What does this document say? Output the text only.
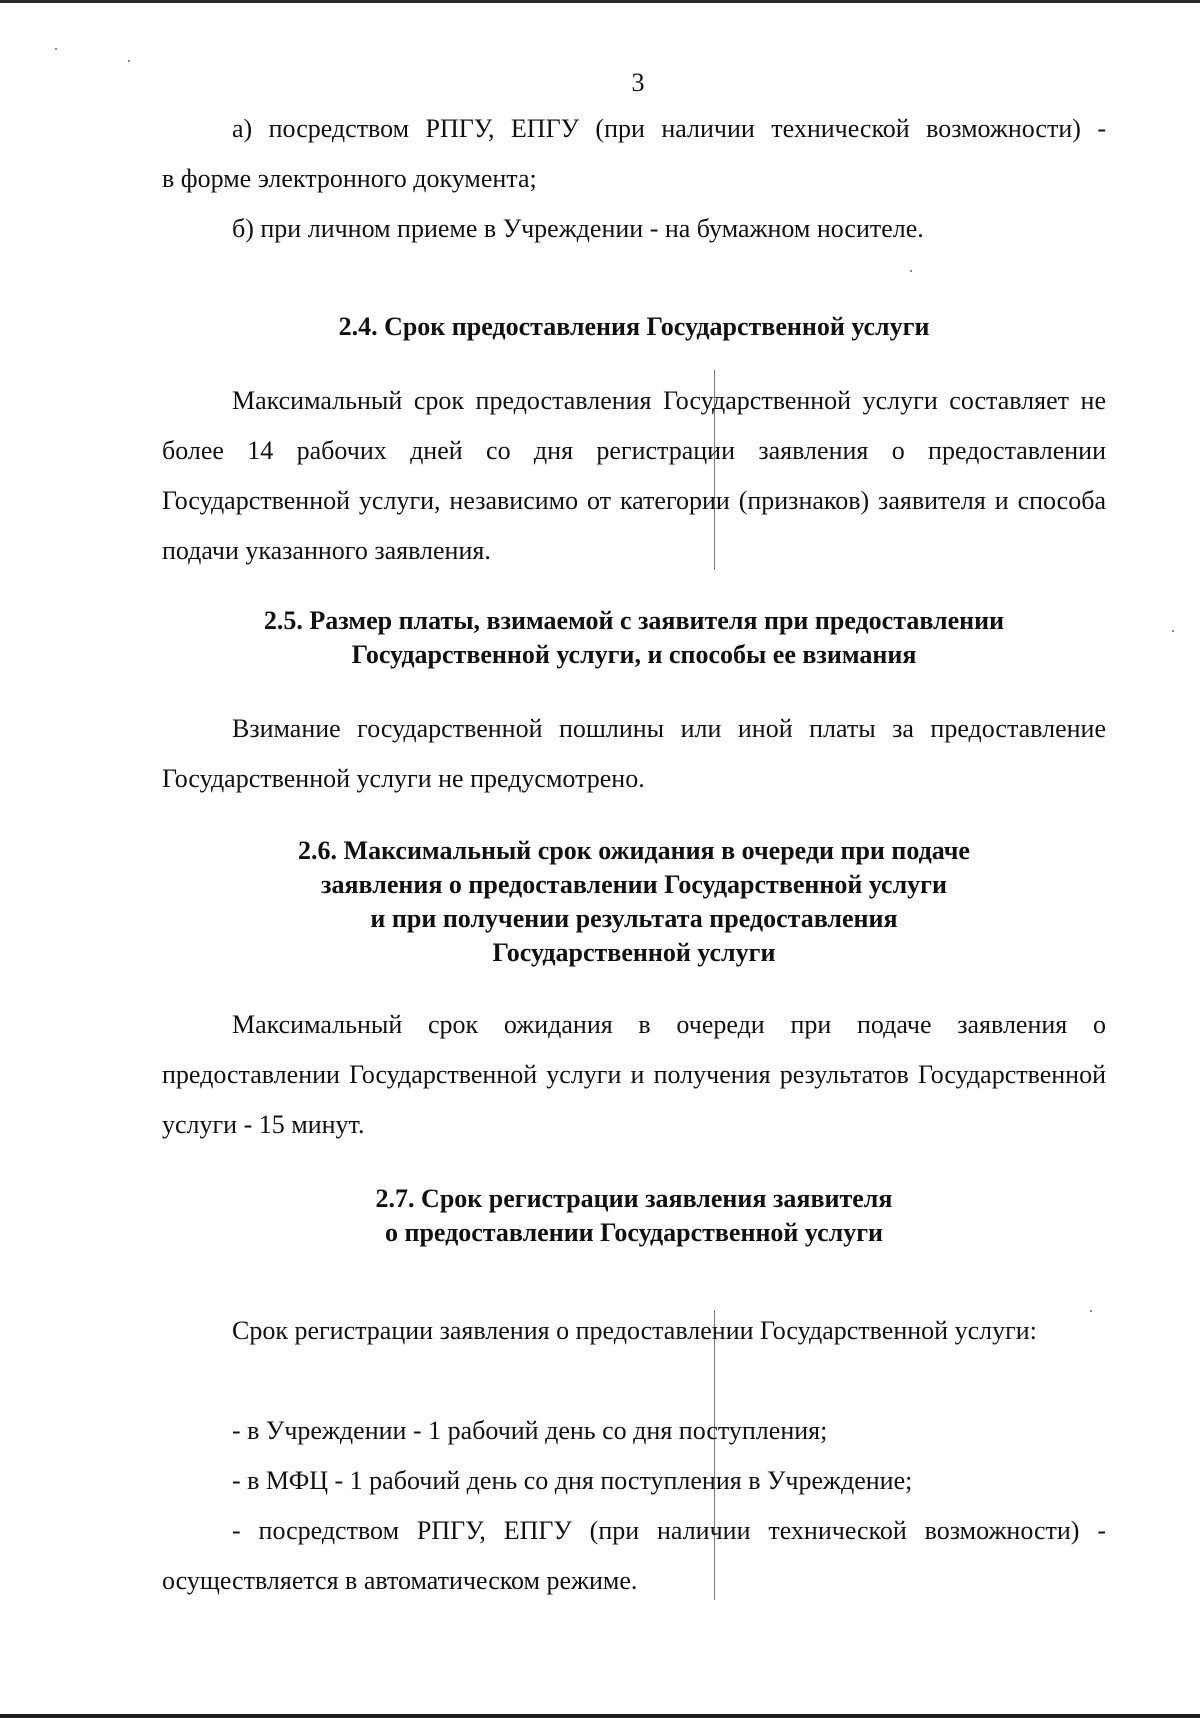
3

а) посредством РПГУ, ЕПГУ (при наличии технической возможности) -

в форме электронного документа;

б) при личном приеме в Учреждении - на бумажном носителе.

2.4. Срок предоставления Государственной услуги

Максимальный срок предоставления Государственной услуги составляет не более 14 рабочих дней со дня регистрации заявления о предоставлении Государственной услуги, независимо от категории (признаков) заявителя и способа подачи указанного заявления.

2.5. Размер платы, взимаемой с заявителя при предоставлении
Государственной услуги, и способы ее взимания

Взимание государственной пошлины или иной платы за предоставление Государственной услуги не предусмотрено.

2.6. Максимальный срок ожидания в очереди при подаче
заявления о предоставлении Государственной услуги
и при получении результата предоставления
Государственной услуги

Максимальный срок ожидания в очереди при подаче заявления о предоставлении Государственной услуги и получения результатов Государственной услуги - 15 минут.

2.7. Срок регистрации заявления заявителя
о предоставлении Государственной услуги

Срок регистрации заявления о предоставлении Государственной услуги:

- в Учреждении - 1 рабочий день со дня поступления;

- в МФЦ - 1 рабочий день со дня поступления в Учреждение;

- посредством РПГУ, ЕПГУ (при наличии технической возможности) -

осуществляется в автоматическом режиме.
